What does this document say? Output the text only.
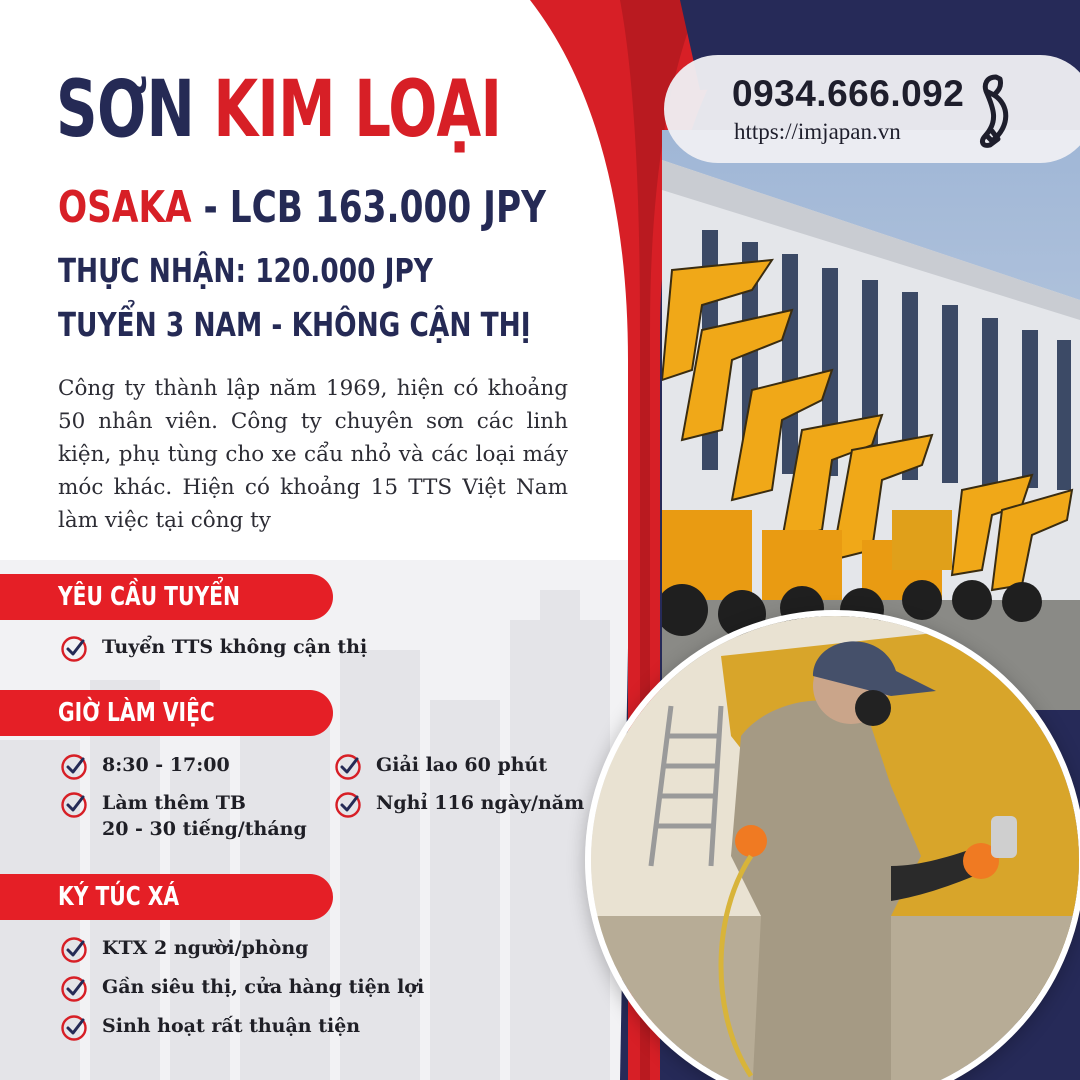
0934.666.092
https://imjapan.vn
SƠN KIM LOẠI
OSAKA - LCB 163.000 JPY
THỰC NHẬN: 120.000 JPY
TUYỂN 3 NAM - KHÔNG CẬN THỊ
Công ty thành lập năm 1969, hiện có khoảng 50 nhân viên. Công ty chuyên sơn các linh kiện, phụ tùng cho xe cẩu nhỏ và các loại máy móc khác. Hiện có khoảng 15 TTS Việt Nam làm việc tại công ty
YÊU CẦU TUYỂN
Tuyển TTS không cận thị
GIỜ LÀM VIỆC
8:30 - 17:00
Làm thêm TB
20 - 30 tiếng/tháng
Giải lao 60 phút
Nghỉ 116 ngày/năm
KÝ TÚC XÁ
KTX 2 người/phòng
Gần siêu thị, cửa hàng tiện lợi
Sinh hoạt rất thuận tiện
